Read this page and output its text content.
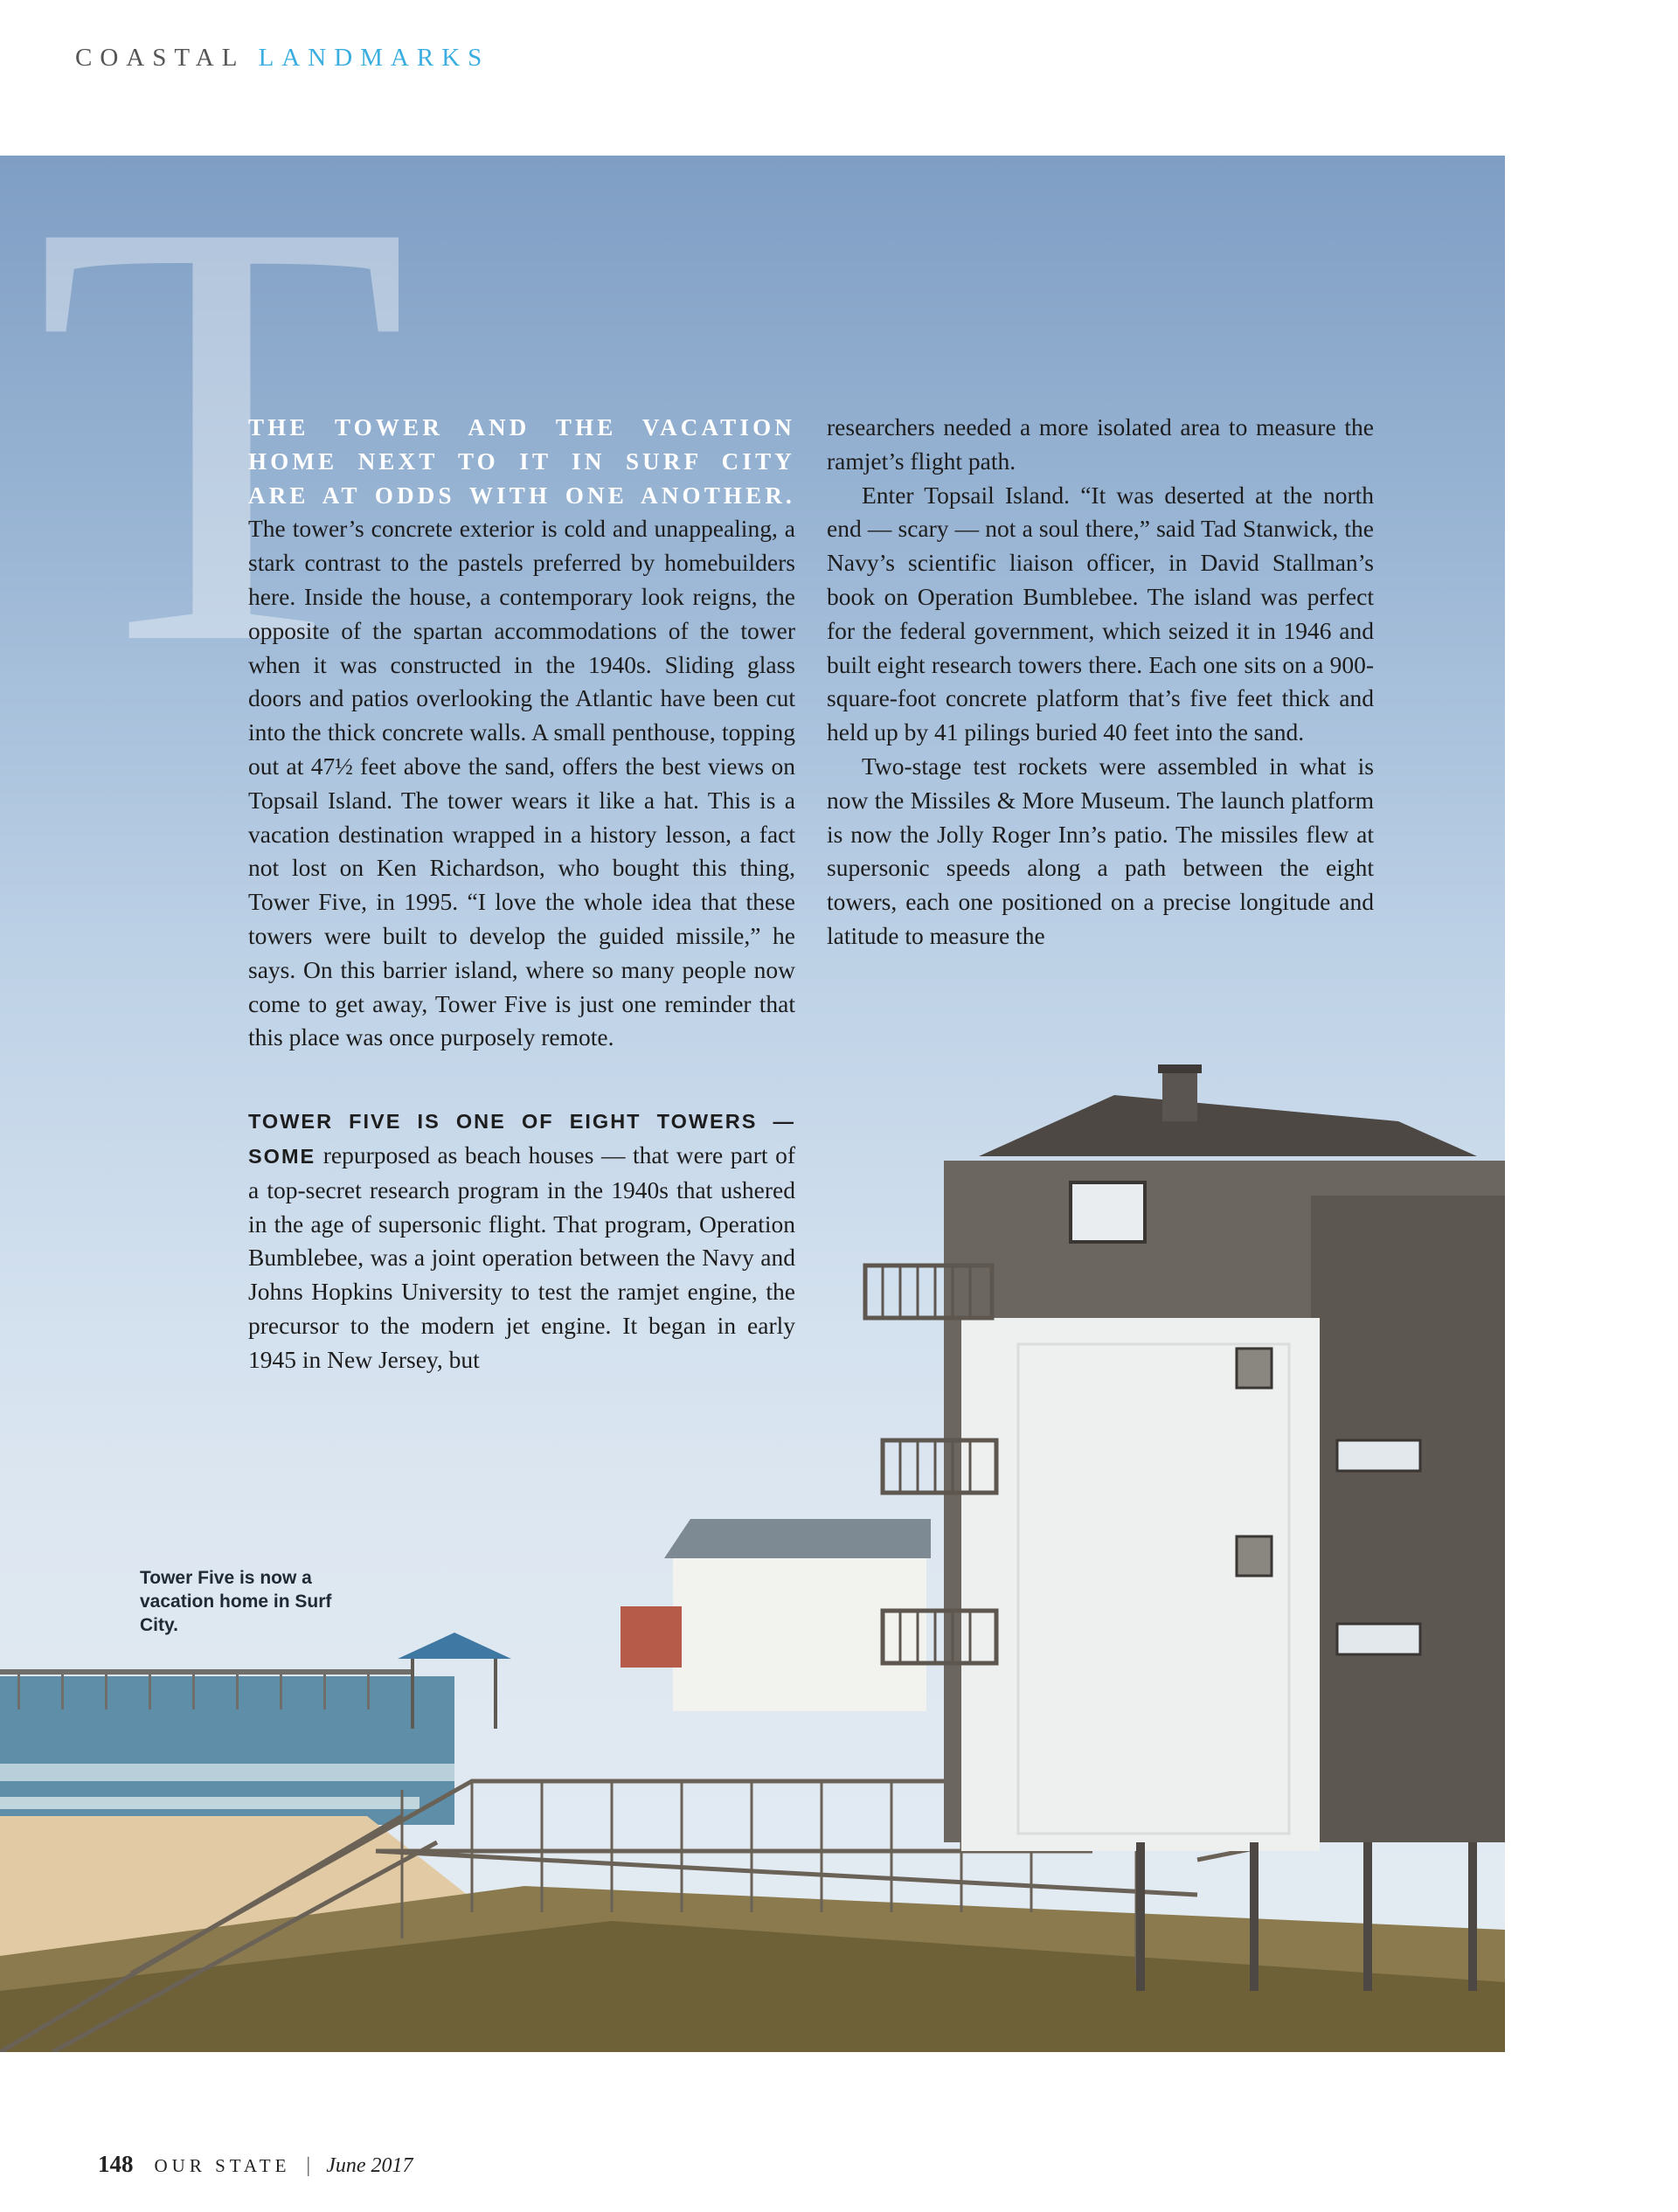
COASTAL LANDMARKS
T

THE TOWER AND THE VACATION HOME NEXT TO IT IN SURF CITY ARE AT ODDS WITH ONE ANOTHER. The tower’s concrete exterior is cold and unappealing, a stark contrast to the pastels preferred by homebuilders here. Inside the house, a contemporary look reigns, the opposite of the spartan accommodations of the tower when it was constructed in the 1940s. Sliding glass doors and patios overlooking the Atlantic have been cut into the thick concrete walls. A small penthouse, topping out at 47½ feet above the sand, offers the best views on Topsail Island. The tower wears it like a hat. This is a vacation destination wrapped in a history lesson, a fact not lost on Ken Richardson, who bought this thing, Tower Five, in 1995. “I love the whole idea that these towers were built to develop the guided missile,” he says. On this barrier island, where so many people now come to get away, Tower Five is just one reminder that this place was once purposely remote.

TOWER FIVE IS ONE OF EIGHT TOWERS — SOME repurposed as beach houses — that were part of a top-secret research program in the 1940s that ushered in the age of supersonic flight. That program, Operation Bumblebee, was a joint operation between the Navy and Johns Hopkins University to test the ramjet engine, the precursor to the modern jet engine. It began in early 1945 in New Jersey, but

researchers needed a more isolated area to measure the ramjet’s flight path.

Enter Topsail Island. “It was deserted at the north end — scary — not a soul there,” said Tad Stanwick, the Navy’s scientific liaison officer, in David Stallman’s book on Operation Bumblebee. The island was perfect for the federal government, which seized it in 1946 and built eight research towers there. Each one sits on a 900-square-foot concrete platform that’s five feet thick and held up by 41 pilings buried 40 feet into the sand.

Two-stage test rockets were assembled in what is now the Missiles & More Museum. The launch platform is now the Jolly Roger Inn’s patio. The missiles flew at supersonic speeds along a path between the eight towers, each one positioned on a precise longitude and latitude to measure the

Tower Five is now a vacation home in Surf City.
148 OUR STATE | June 2017
